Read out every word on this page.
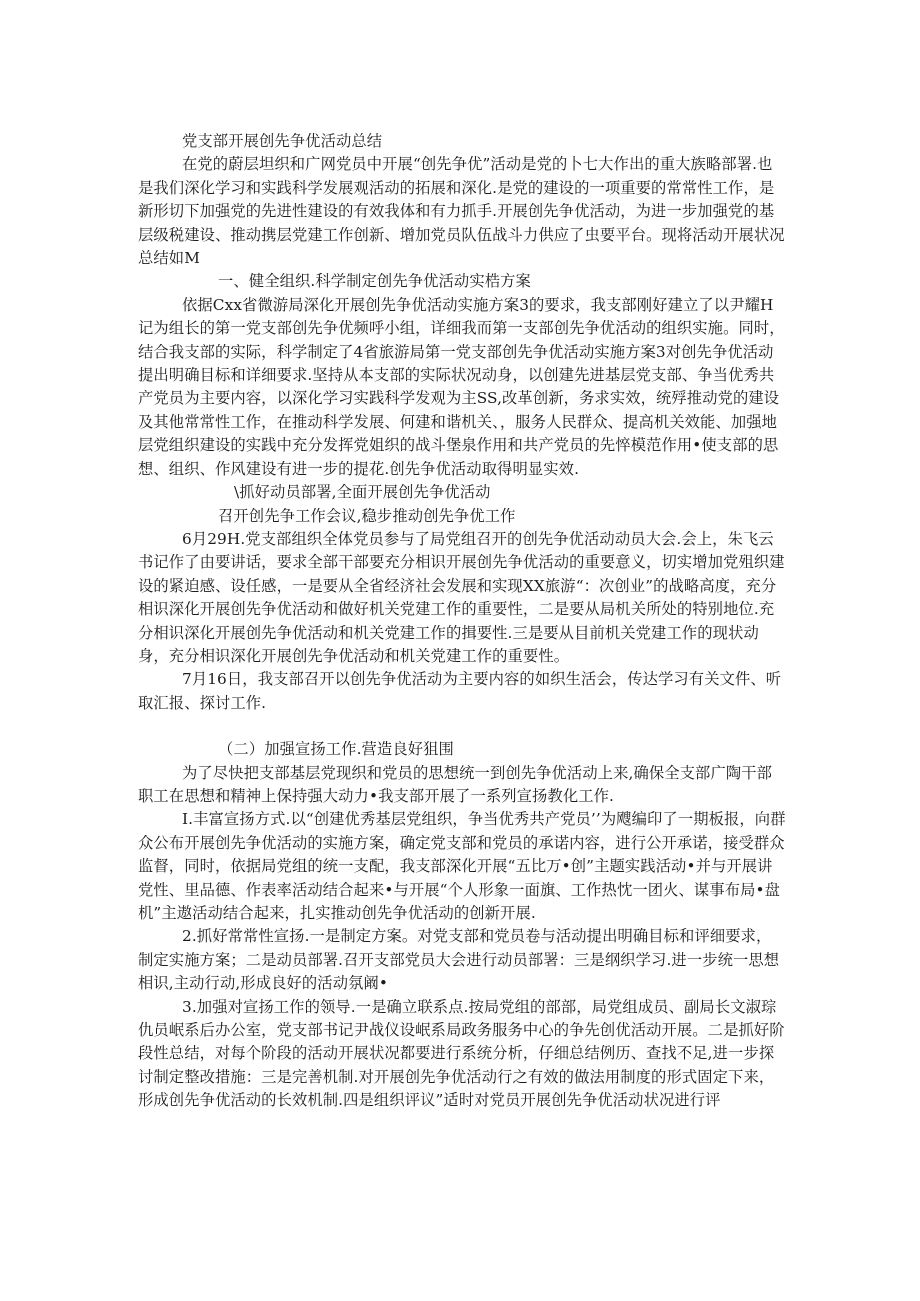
党支部开展创先争优活动总结

在党的蔚层坦织和广网党员中开展“创先争优”活动是党的卜七大作出的重大族略部署.也是我们深化学习和实践科学发展观活动的拓展和深化.是党的建设的一项重要的常常性工作，是新形切下加强党的先进性建设的有效我体和有力抓手.开展创先争优活动，为进一步加强党的基层级税建设、推动携层党建工作创新、增加党员队伍战斗力供应了虫要平台。现将活动开展状况总结如M

一、健全组织.科学制定创先争优活动实梏方案

依据Cxx省微游局深化开展创先争优活动实施方案3的要求，我支部刚好建立了以尹耀H记为组长的第一党支部创先争优频呼小组，详细我而第一支部创先争优活动的组织实施。同时，结合我支部的实际，科学制定了4省旅游局第一党支部创先争优活动实施方案3对创先争优活动提出明确目标和详细要求.坚持从本支部的实际状况动身，以创建先进基层党支部、争当优秀共产党员为主要内容，以深化学习实践科学发观为主SS,改革创新，务求实效，统殍推动党的建设及其他常常性工作，在推动科学发展、何建和谐机关、，服务人民群众、提高机关效能、加强地层党组织建设的实践中充分发挥党姐织的战斗堡泉作用和共产党员的先悴模范作用•使支部的思想、组织、作风建设有进一步的提花.创先争优活动取得明显实效.

\抓好动员部署,全面开展创先争优活动

召开创先争工作会议,稳步推动创先争优工作

6月29H.党支部组织全体党员参与了局党组召开的创先争优活动动员大会.会上，朱飞云书记作了由要讲话，要求全部干部要充分相识开展创先争优活动的重要意义，切实增加党殂织建设的紧迫感、设任感，一是要从全省经济社会发展和实现XX旅游“：次创业”的战略高度，充分相识深化开展创先争优活动和做好机关党建工作的重要性，二是要从局机关所处的特别地位.充分相识深化开展创先争优活动和机关党建工作的揖要性.三是要从目前机关党建工作的现状动身，充分相识深化开展创先争优活动和机关党建工作的重要性。

7月16日，我支部召开以创先争优活动为主要内容的如织生活会，传达学习有关文件、听取汇报、探讨工作.

（二）加强宣扬工作.营造良好狙围

为了尽快把支部基层党现织和党员的思想统一到创先争优活动上来,确保全支部广陶干部职工在思想和精神上保持强大动力•我支部开展了一系列宣扬教化工作.

I.丰富宣扬方式.以“创建优秀基层党组织，争当优秀共产党员’’为飕编印了一期板报，向群众公布开展创先争优活动的实施方案，确定党支部和党员的承诺内容，进行公开承诺，接受群众监督，同时，依据局党组的统一支配，我支部深化开展“五比万•创”主题实践活动•并与开展讲党性、里品德、作表率活动结合起来•与开展“个人形象一面旗、工作热忱一团火、谋事布局•盘机”主遨活动结合起来，扎实推动创先争优活动的创新开展.

2.抓好常常性宣扬.一是制定方案。对党支部和党员卷与活动提出明确目标和评细要求，制定实施方案；二是动员部署.召开支部党员大会进行动员部署：三是纲织学习.进一步统一思想相识,主动行动,形成良好的活动氛阚•

3.加强对宣扬工作的领导.一是确立联系点.按局党组的部部，局党组成员、副局长文淑琮仇员岷系后办公室，党支部书记尹战仪设岷系局政务服务中心的争先创优活动开展。二是抓好阶段性总结，对每个阶段的活动开展状况都要进行系统分析，仔细总结例历、查找不足,进一步探讨制定整改措施：三是完善机制.对开展创先争优活动行之有效的做法用制度的形式固定下来，形成创先争优活动的长效机制.四是组织评议”适时对党员开展创先争优活动状况进行评
